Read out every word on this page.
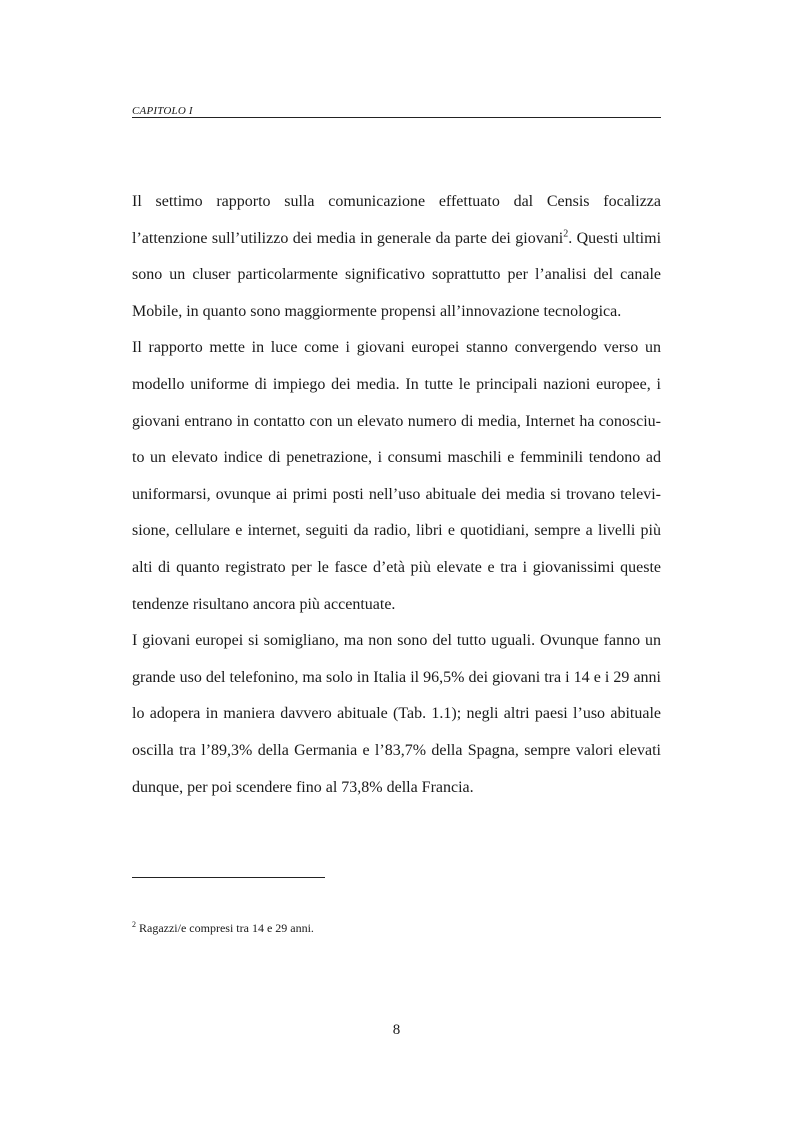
CAPITOLO I
Il settimo rapporto sulla comunicazione effettuato dal Censis focalizza
l’attenzione sull’utilizzo dei media in generale da parte dei giovani$^2$. Questi ultimi
sono un cluser particolarmente significativo soprattutto per l’analisi del canale
Mobile, in quanto sono maggiormente propensi all’innovazione tecnologica.
Il rapporto mette in luce come i giovani europei stanno convergendo verso un
modello uniforme di impiego dei media. In tutte le principali nazioni europee, i
giovani entrano in contatto con un elevato numero di media, Internet ha conosciu-
to un elevato indice di penetrazione, i consumi maschili e femminili tendono ad
uniformarsi, ovunque ai primi posti nell’uso abituale dei media si trovano televi-
sione, cellulare e internet, seguiti da radio, libri e quotidiani, sempre a livelli più
alti di quanto registrato per le fasce d’età più elevate e tra i giovanissimi queste
tendenze risultano ancora più accentuate.
I giovani europei si somigliano, ma non sono del tutto uguali. Ovunque fanno un
grande uso del telefonino, ma solo in Italia il 96,5% dei giovani tra i 14 e i 29 anni
lo adopera in maniera davvero abituale (Tab. 1.1); negli altri paesi l’uso abituale
oscilla tra l’89,3% della Germania e l’83,7% della Spagna, sempre valori elevati
dunque, per poi scendere fino al 73,8% della Francia.
$^2$ Ragazzi/e compresi tra 14 e 29 anni.
8
